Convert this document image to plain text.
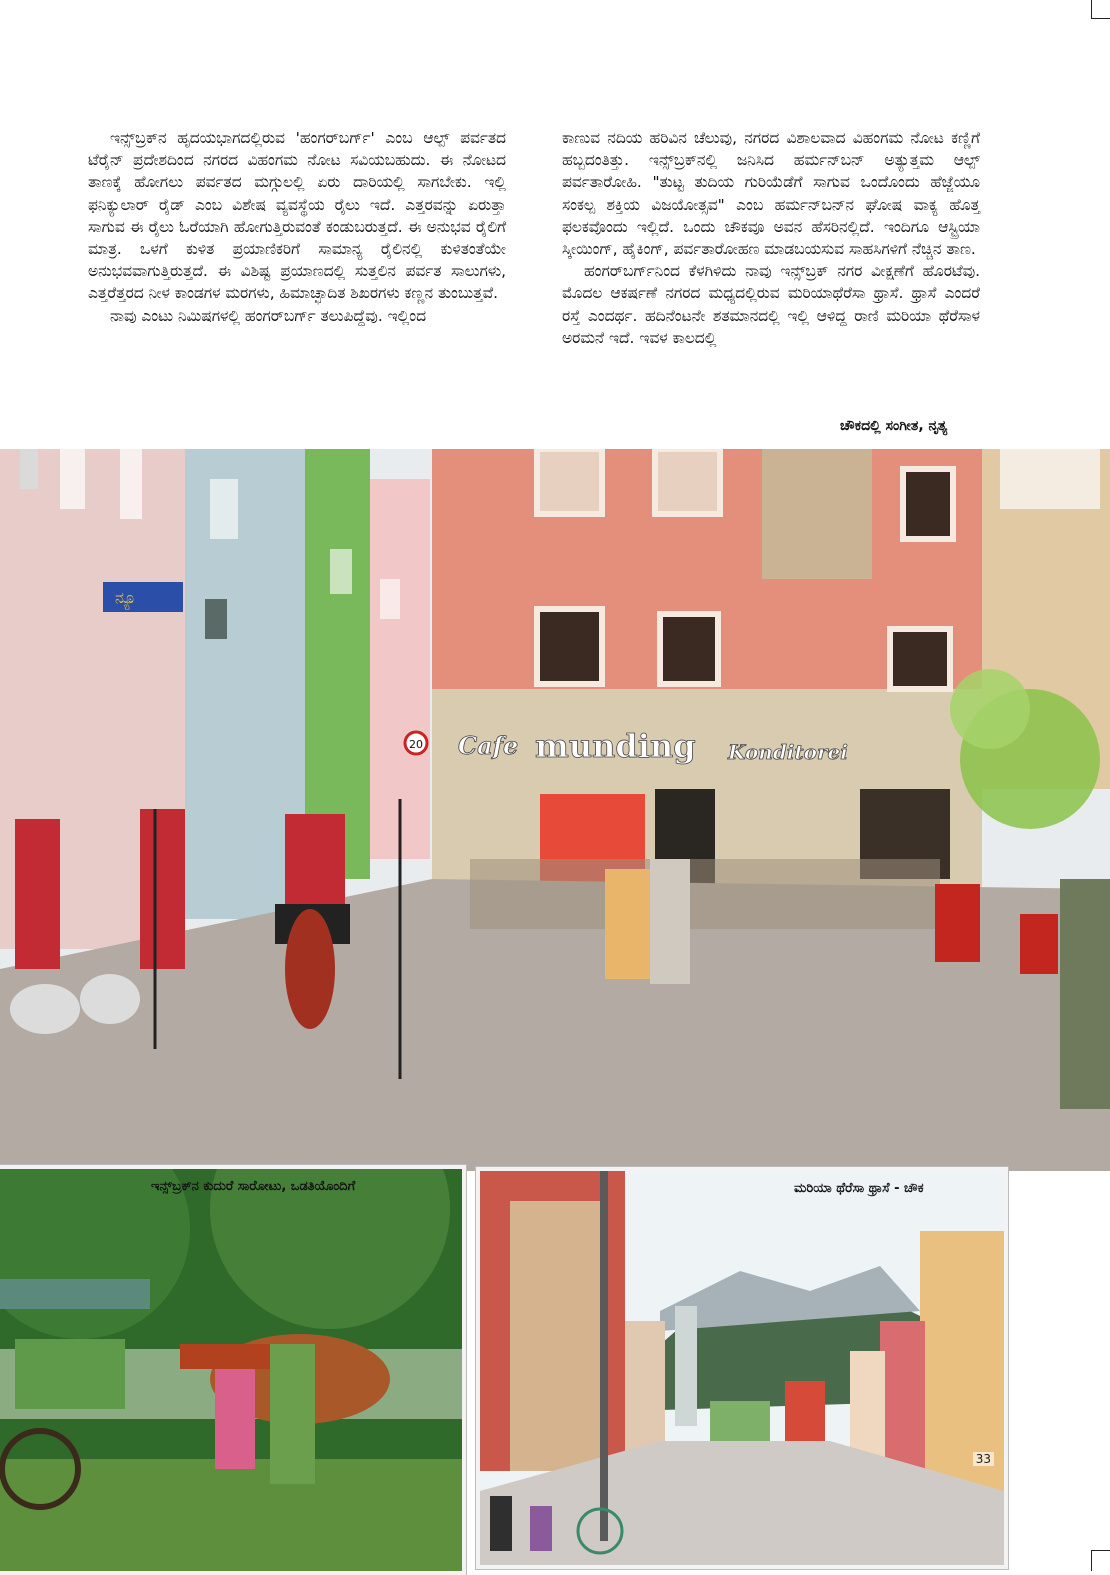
ಇನ್ಸ್‌ಬ್ರಕ್‌ನ ಹೃದಯಭಾಗದಲ್ಲಿರುವ 'ಹಂಗರ್‌ಬರ್ಗ್' ಎಂಬ ಆಲ್ಪ್ ಪರ್ವತದ ಟೆರೈನ್ ಪ್ರದೇಶದಿಂದ ನಗರದ ವಿಹಂಗಮ ನೋಟ ಸವಿಯಬಹುದು. ಈ ನೋಟದ ತಾಣಕ್ಕೆ ಹೋಗಲು ಪರ್ವತದ ಮಗ್ಗುಲಲ್ಲಿ ಏರು ದಾರಿಯಲ್ಲಿ ಸಾಗಬೇಕು. ಇಲ್ಲಿ ಫನಿಕ್ಯುಲಾರ್ ರೈಡ್ ಎಂಬ ವಿಶೇಷ ವ್ಯವಸ್ಥೆಯ ರೈಲು ಇದೆ. ಎತ್ತರವನ್ನು ಏರುತ್ತಾ ಸಾಗುವ ಈ ರೈಲು ಓರೆಯಾಗಿ ಹೋಗುತ್ತಿರುವಂತೆ ಕಂಡುಬರುತ್ತದೆ. ಈ ಅನುಭವ ರೈಲಿಗೆ ಮಾತ್ರ. ಒಳಗೆ ಕುಳಿತ ಪ್ರಯಾಣಿಕರಿಗೆ ಸಾಮಾನ್ಯ ರೈಲಿನಲ್ಲಿ ಕುಳಿತಂತೆಯೇ ಅನುಭವವಾಗುತ್ತಿರುತ್ತದೆ. ಈ ವಿಶಿಷ್ಟ ಪ್ರಯಾಣದಲ್ಲಿ ಸುತ್ತಲಿನ ಪರ್ವತ ಸಾಲುಗಳು, ಎತ್ತರೆತ್ತರದ ನೀಳ ಕಾಂಡಗಳ ಮರಗಳು, ಹಿಮಾಚ್ಛಾದಿತ ಶಿಖರಗಳು ಕಣ್ಣನ ತುಂಬುತ್ತವೆ.

ನಾವು ಎಂಟು ನಿಮಿಷಗಳಲ್ಲಿ ಹಂಗರ್‌ಬರ್ಗ್ ತಲುಪಿದ್ದೆವು. ಇಲ್ಲಿಂದ

ಕಾಣುವ ನದಿಯ ಹರಿವಿನ ಚೆಲುವು, ನಗರದ ವಿಶಾಲವಾದ ವಿಹಂಗಮ ನೋಟ ಕಣ್ಣಿಗೆ ಹಬ್ಬದಂತಿತ್ತು. ಇನ್ಸ್‌ಬ್ರಕ್‌ನಲ್ಲಿ ಜನಿಸಿದ ಹರ್ಮನ್‌ಬನ್ ಅತ್ಯುತ್ತಮ ಆಲ್ಪ್ ಪರ್ವತಾರೋಹಿ. "ತುಟ್ಟ ತುದಿಯ ಗುರಿಯೆಡೆಗೆ ಸಾಗುವ ಒಂದೊಂದು ಹೆಜ್ಜೆಯೂ ಸಂಕಲ್ಪ ಶಕ್ತಿಯ ವಿಜಯೋತ್ಸವ" ಎಂಬ ಹರ್ಮನ್‌ಬನ್‌ನ ಘೋಷ ವಾಕ್ಯ ಹೊತ್ತ ಫಲಕವೊಂದು ಇಲ್ಲಿದೆ. ಒಂದು ಚೌಕವೂ ಅವನ ಹೆಸರಿನಲ್ಲಿದೆ. ಇಂದಿಗೂ ಆಸ್ಟ್ರಿಯಾ ಸ್ಕೀಯಿಂಗ್, ಹೈಕಿಂಗ್, ಪರ್ವತಾರೋಹಣ ಮಾಡಬಯಸುವ ಸಾಹಸಿಗಳಿಗೆ ನೆಚ್ಚಿನ ತಾಣ.

ಹಂಗರ್‌ಬರ್ಗ್‌ನಿಂದ ಕೆಳಗಿಳಿದು ನಾವು ಇನ್ಸ್‌ಬ್ರಕ್ ನಗರ ವೀಕ್ಷಣೆಗೆ ಹೊರಟೆವು. ಮೊದಲ ಆಕರ್ಷಣೆ ನಗರದ ಮಧ್ಯದಲ್ಲಿರುವ ಮರಿಯಾಥೆರೆಸಾ ಥ್ರಾಸೆ. ಥ್ರಾಸೆ ಎಂದರೆ ರಸ್ತೆ ಎಂದರ್ಥ. ಹದಿನೆಂಟನೇ ಶತಮಾನದಲ್ಲಿ ಇಲ್ಲಿ ಆಳಿದ್ದ ರಾಣಿ ಮರಿಯಾ ಥೆರೆಸಾಳ ಅರಮನೆ ಇದೆ. ಇವಳ ಕಾಲದಲ್ಲಿ

ಚೌಕದಲ್ಲಿ ಸಂಗೀತ, ನೃತ್ಯ
ನ್ಯೂ
20 Cafe munding Konditorei
ಇನ್ಸ್‌ಬ್ರಕ್‌ನ ಕುದುರೆ ಸಾರೋಟು, ಒಡತಿಯೊಂದಿಗೆ	ಮರಿಯಾ ಥೆರೆಸಾ ಥ್ರಾಸೆ - ಚೌಕ
33
